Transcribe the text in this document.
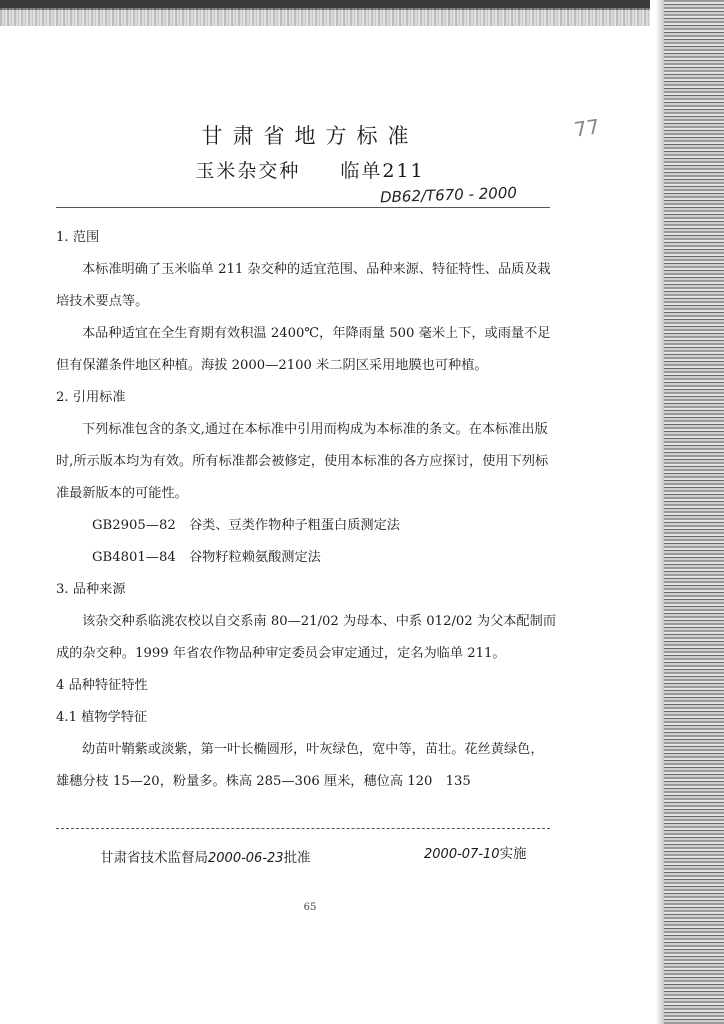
77
甘肃省地方标准
玉米杂交种 临单211
DB62/T670 - 2000

1. 范围

本标准明确了玉米临单 211 杂交种的适宜范围、品种来源、特征特性、品质及栽培技术要点等。

本品种适宜在全生育期有效积温 2400℃，年降雨量 500 毫米上下，或雨量不足但有保灌条件地区种植。海拔 2000—2100 米二阴区采用地膜也可种植。

2. 引用标准

下列标准包含的条文,通过在本标准中引用而构成为本标准的条文。在本标准出版时,所示版本均为有效。所有标准都会被修定，使用本标准的各方应探讨，使用下列标准最新版本的可能性。

GB2905—82　谷类、豆类作物种子粗蛋白质测定法

GB4801—84　谷物籽粒赖氨酸测定法

3. 品种来源

该杂交种系临洮农校以自交系南 80—21/02 为母本、中系 012/02 为父本配制而成的杂交种。1999 年省农作物品种审定委员会审定通过，定名为临单 211。

4 品种特征特性

4.1 植物学特征

幼苗叶鞘紫或淡紫，第一叶长椭圆形，叶灰绿色，宽中等，苗壮。花丝黄绿色，雄穗分枝 15—20，粉量多。株高 285—306 厘米，穗位高 120　135

甘肃省技术监督局2000-06-23批准	2000-07-10实施
65
